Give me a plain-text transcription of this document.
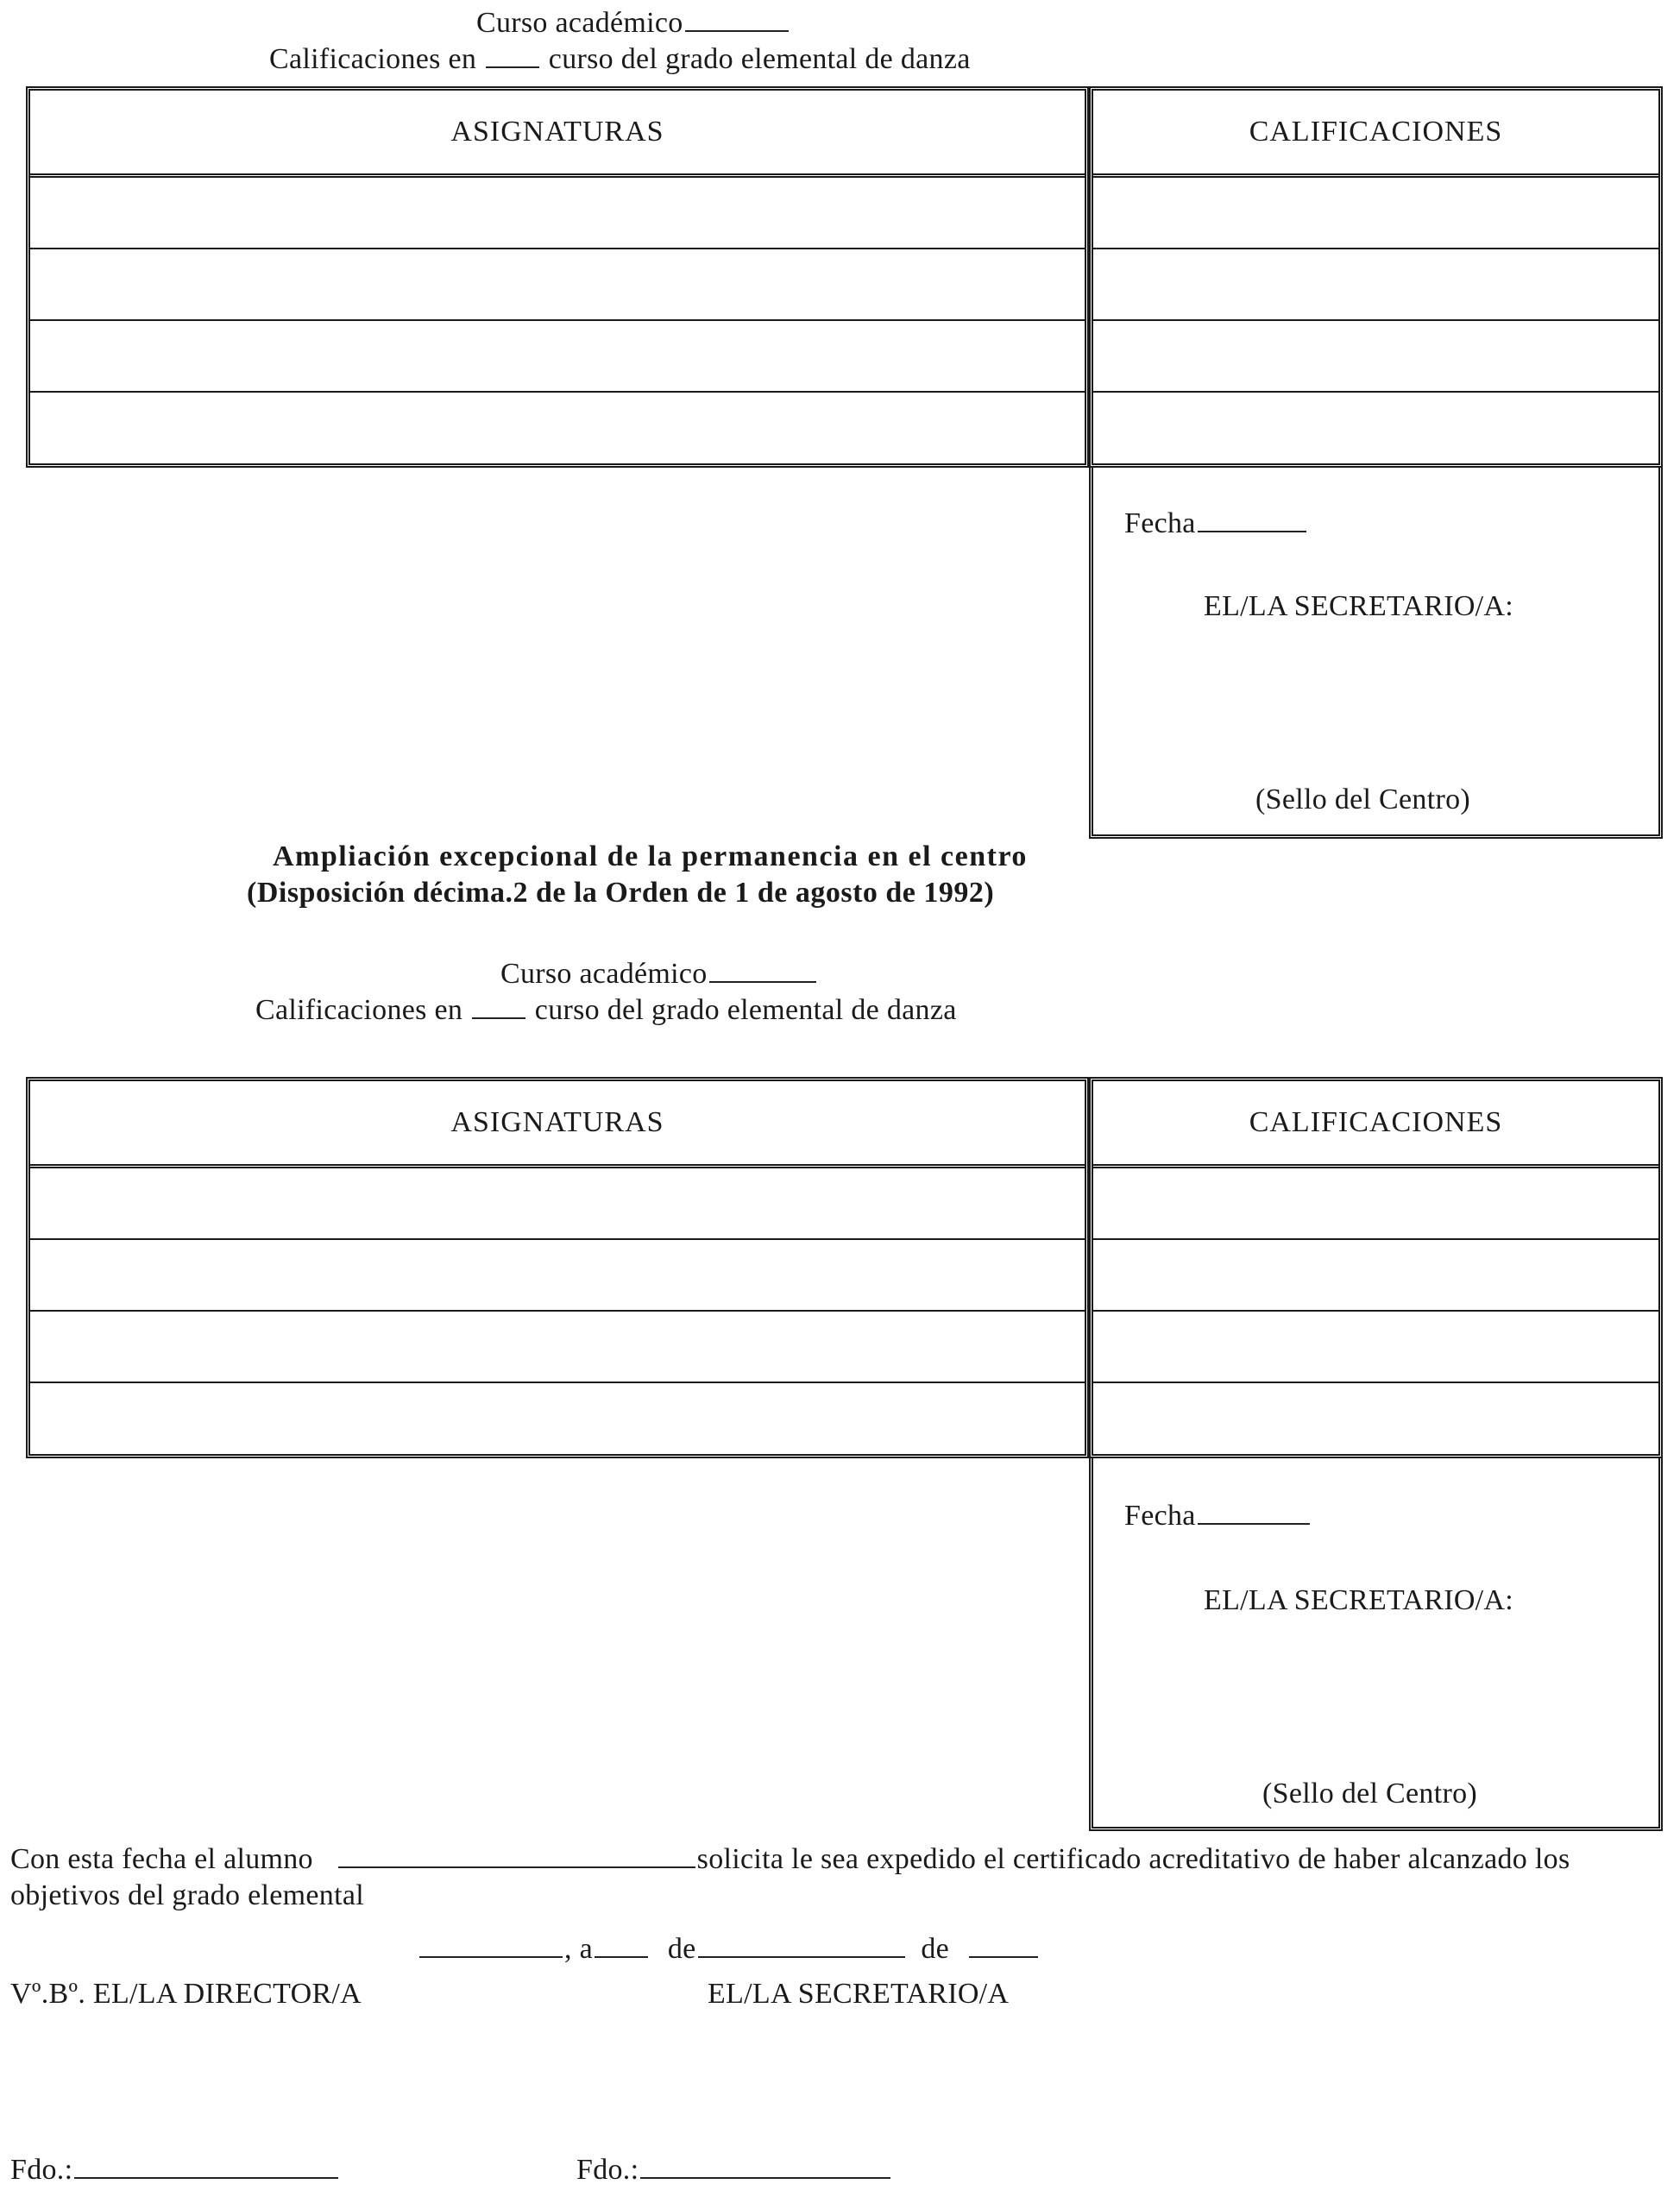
Curso académico
Calificaciones en curso del grado elemental de danza
ASIGNATURAS	CALIFICACIONES
Fecha
EL/LA SECRETARIO/A:
(Sello del Centro)
Ampliación excepcional de la permanencia en el centro
(Disposición décima.2 de la Orden de 1 de agosto de 1992)
Curso académico
Calificaciones en curso del grado elemental de danza
ASIGNATURAS	CALIFICACIONES
Fecha
EL/LA SECRETARIO/A:
(Sello del Centro)
Con esta fecha el alumno	solicita le sea expedido el certificado acreditativo de haber alcanzado los
objetivos del grado elemental
, a	de	de
Vº.Bº. EL/LA DIRECTOR/A	EL/LA SECRETARIO/A
Fdo.:	Fdo.:
